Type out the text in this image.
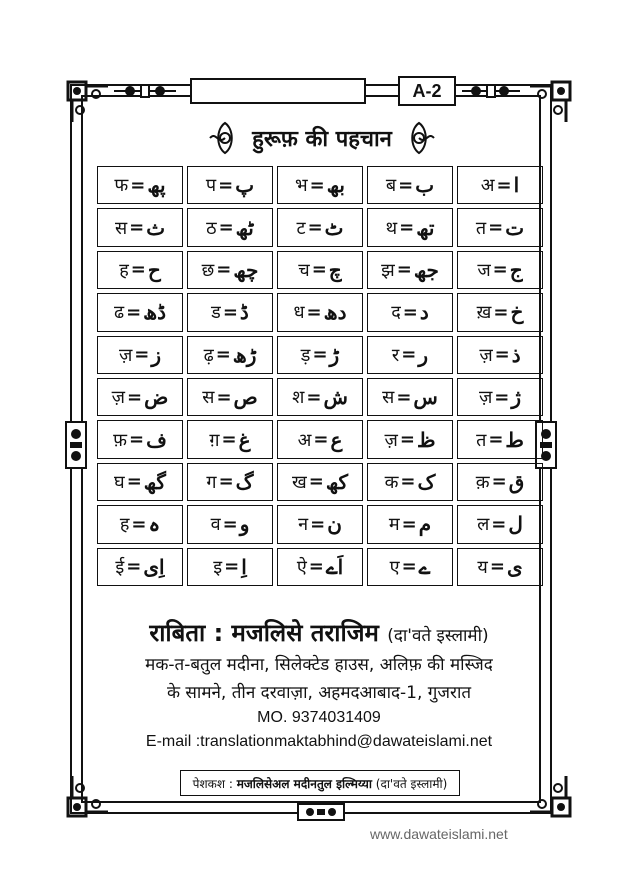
A-2
हुरूफ़ की पहचान
फ = پھ प = پ भ = بھ ब = ب	अ = ا
स = ث ठ = ٹھ ट = ٹ थ = تھ त = ت
ह = ح छ = چھ च = چ झ = جھ ज = ج
ढ = ڈھ	ड = ڈ ध = دھ द = د	ख़ = خ
ज़ = ز ढ़ = ڑھ ड़ = ڑ	र = ر	ज़ = ذ
ज़ = ض स = ص श = ش स = س ज़ = ژ
फ़ = ف ग़ = غ	अ = ع ज़ = ظ त = ط
घ = گھ ग = گ ख = کھ क = ک क़ = ق
ह = ہ	व = و	न = ن	म = م	ल = ل
ई = اِی	इ = اِ	ऐ = اَے	ए = ے	य = ی
राबिता : मजलिसे तराजिम (दा'वते इस्लामी)
मक-त-बतुल मदीना, सिलेक्टेड हाउस, अलिफ़ की मस्जिद
के सामने, तीन दरवाज़ा, अहमदआबाद-1, गुजरात
MO. 9374031409
E-mail :translationmaktabhind@dawateislami.net
पेशकश :
मजलिसेअल मदीनतुल इल्मिय्या
(दा'वते इस्लामी)
www.dawateislami.net
